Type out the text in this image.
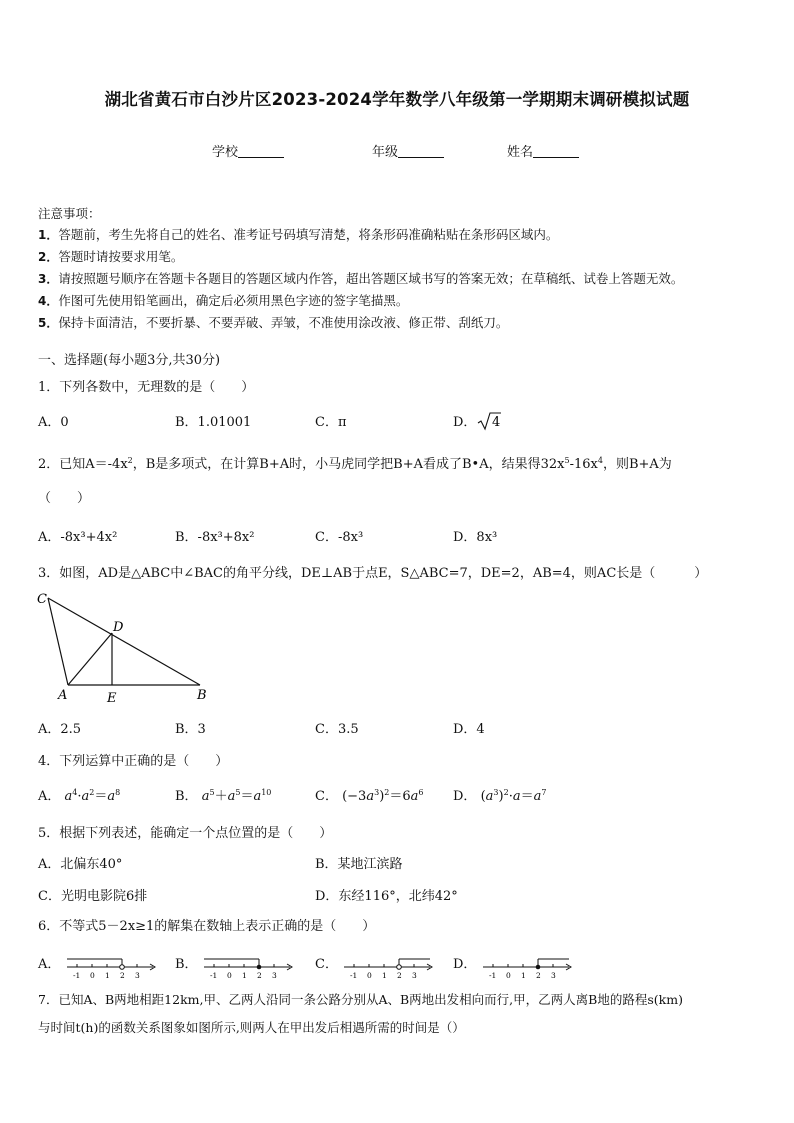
湖北省黄石市白沙片区2023-2024学年数学八年级第一学期期末调研模拟试题
学校	年级	姓名
注意事项：
1．答题前，考生先将自己的姓名、准考证号码填写清楚，将条形码准确粘贴在条形码区域内。
2．答题时请按要求用笔。
3．请按照题号顺序在答题卡各题目的答题区域内作答，超出答题区域书写的答案无效；在草稿纸、试卷上答题无效。
4．作图可先使用铅笔画出，确定后必须用黑色字迹的签字笔描黑。
5．保持卡面清洁，不要折暴、不要弄破、弄皱，不准使用涂改液、修正带、刮纸刀。
一、选择题(每小题3分,共30分)
1．下列各数中，无理数的是（　　）
A．0	B．1.01001	C．π	D． 4
2．已知$A=-4x^2$，B是多项式，在计算B+A时，小马虎同学把B+A看成了B•A，结果得$32x^5-16x^4$，则B+A为
（　　）
A．-8x³+4x²	B．-8x³+8x²	C．-8x³	D．8x³
3．如图，AD是△ABC中∠BAC的角平分线，DE⊥AB于点E，S△ABC=7，DE=2，AB=4，则AC长是（　　　）
C
D
A	E	B
A．2.5	B．3	C．3.5	D．4
4．下列运算中正确的是（　　）
A． $a^4\cdot a^2=a^8$	B． $a^5+a^5=a^{10}$	C． $(-3a^3)^2=6a^6$ D． $(a^3)^2\cdot a=a^7$
5．根据下列表述，能确定一个点位置的是（　　）
A．北偏东40°	B．某地江滨路
C．光明电影院6排	D．东经116°，北纬42°
6．不等式5－2x≥1的解集在数轴上表示正确的是（　　）
A．
-1 0 1 2 3
B．
-1 0 1 2 3
C．
-1 0 1 2 3
D．
-1 0 1 2 3
7．已知A、B两地相距12km,甲、乙两人沿同一条公路分别从A、B两地出发相向而行,甲，乙两人离B地的路程s(km)
与时间t(h)的函数关系图象如图所示,则两人在甲出发后相遇所需的时间是（）
